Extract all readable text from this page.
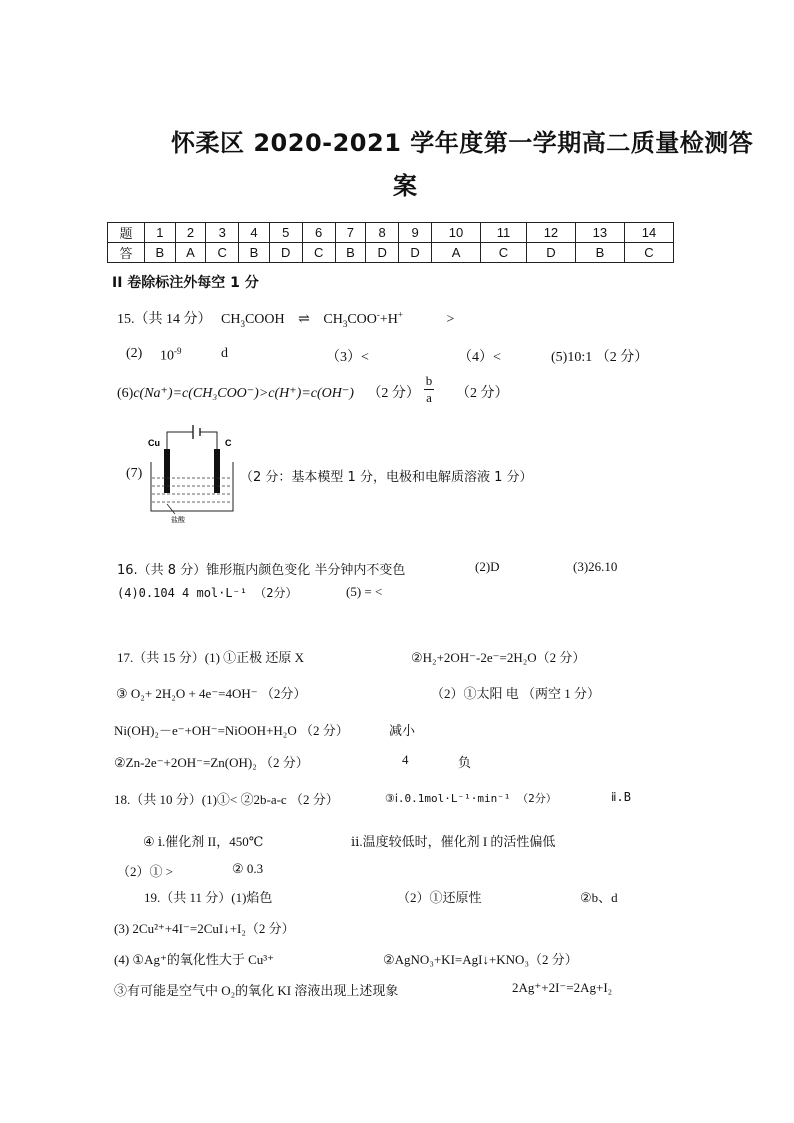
怀柔区 2020-2021 学年度第一学期高二质量检测答
案
题	1	2	3	4	5	6	7	8	9	10	11	12	13	14
答	B	A	C	B	D	C	B	D	D	A	C	D	B	C
II 卷除标注外每空 1 分
15.（共 14 分） $CH_3COOH$ ⇌ $CH_3COO^-+H^+$	>
(2) $10^{-9}$	d	（3）<	（4）<	(5)10:1 （2 分）
(6)c(Na⁺)=c(CH₃COO⁻)>c(H⁺)=c(OH⁻) （2 分） $\frac{b}{a} (2$ 分）
(7)
Cu	C
盐酸
（2 分：基本模型 1 分，电极和电解质溶液 1 分）
16.（共 8 分）锥形瓶内颜色变化 半分钟内不变色	(2)D	(3)26.10
(4)0.104 4 mol·L⁻¹ （2分）	(5) = <
17.（共 15 分）(1) ①正极 还原 X	②H₂+2OH⁻-2e⁻=2H₂O（2 分）
③ O₂+ 2H₂O + 4e⁻=4OH⁻ （2分）	（2）①太阳 电 （两空 1 分）
Ni(OH)₂－e⁻+OH⁻=NiOOH+H₂O （2 分）	减小
②Zn-2e⁻+2OH⁻=Zn(OH)₂ （2 分）	4	负
18.（共 10 分）(1)①< ②2b-a-c （2 分）	③ⅰ.0.1mol·L⁻¹·min⁻¹ （2分）	ⅱ.B
④ ⅰ.催化剂 II，450℃	ⅱ.温度较低时，催化剂 I 的活性偏低
（2）① >	② 0.3
19.（共 11 分）(1)焰色	（2）①还原性	②b、d
(3) 2Cu²⁺+4I⁻=2CuI↓+I₂（2 分）
(4) ①Ag⁺的氧化性大于 Cu³⁺	②AgNO₃+KI=AgI↓+KNO₃（2 分）
③有可能是空气中 O₂的氧化 KI 溶液出现上述现象	2Ag⁺+2I⁻=2Ag+I₂
